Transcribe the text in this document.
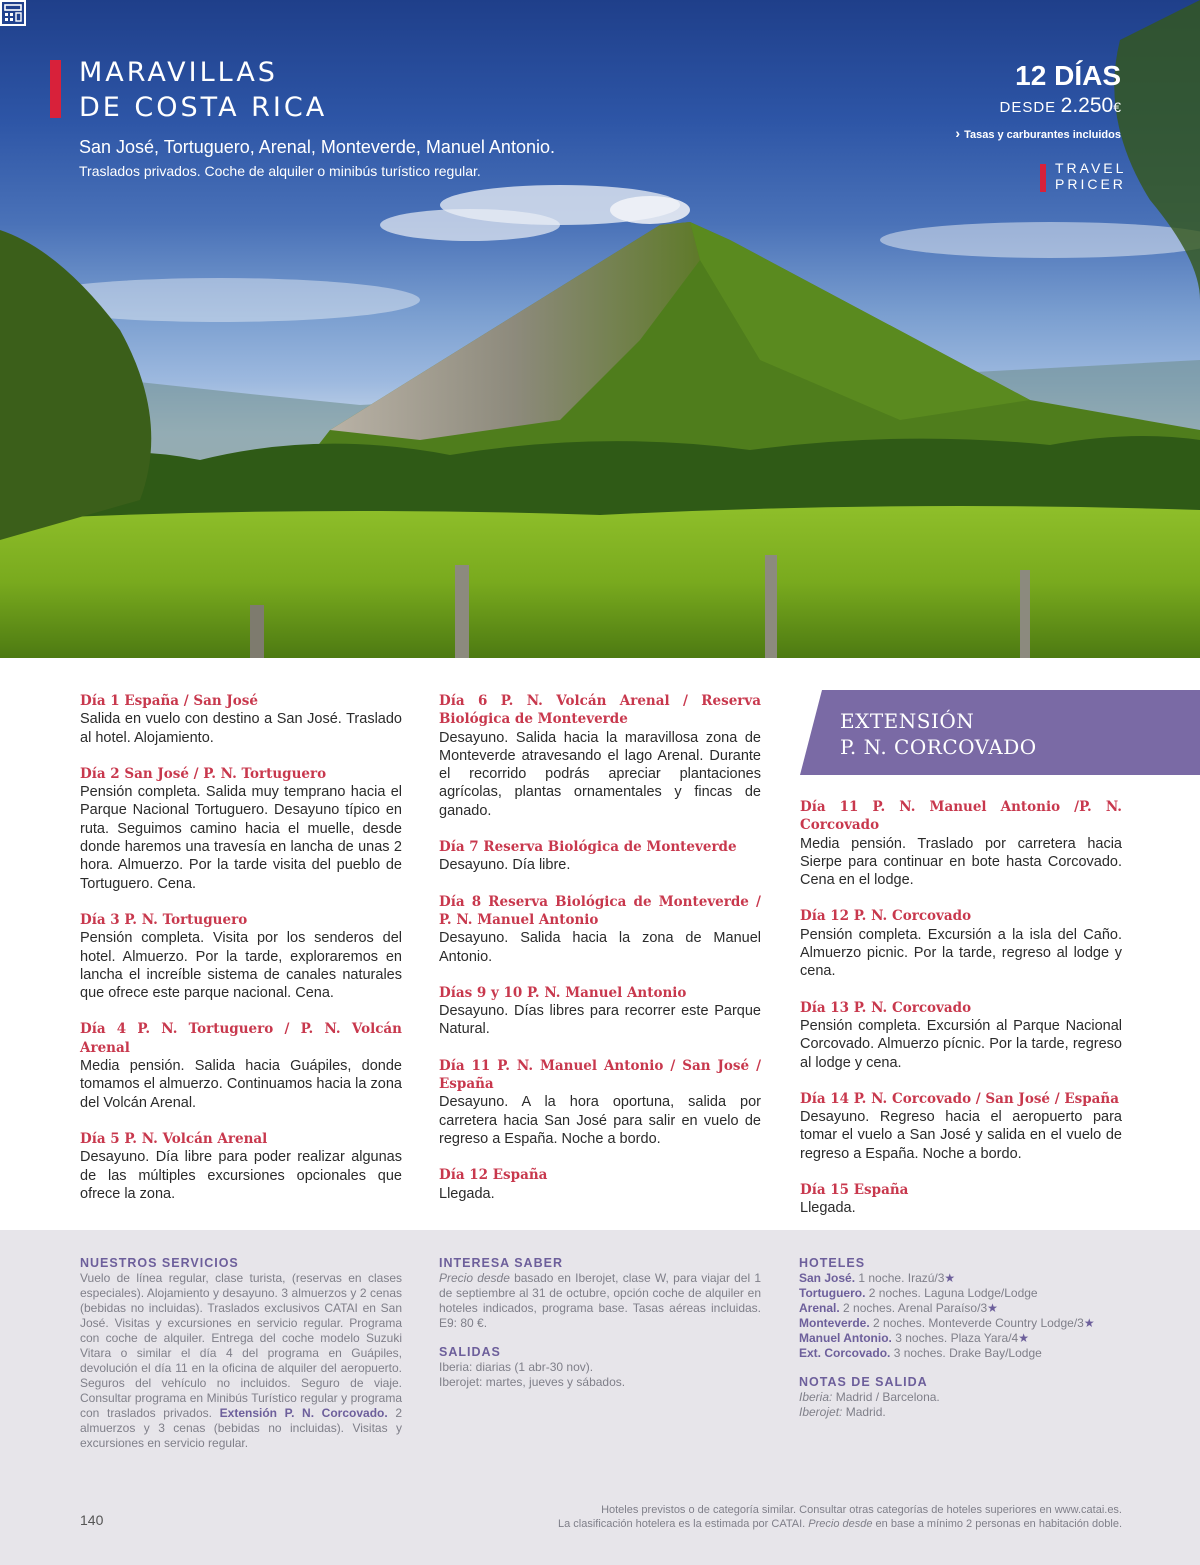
MARAVILLAS
DE COSTA RICA
San José, Tortuguero, Arenal, Monteverde, Manuel Antonio.
Traslados privados. Coche de alquiler o minibús turístico regular.
12 DÍAS
DESDE 2.250€
› Tasas y carburantes incluidos
TRAVEL
PRICER
Día 1 España / San José
Salida en vuelo con destino a San José. Traslado al hotel. Alojamiento.
Día 2 San José / P. N. Tortuguero
Pensión completa. Salida muy temprano hacia el Parque Nacional Tortuguero. Desayuno típico en ruta. Seguimos camino hacia el muelle, desde donde haremos una travesía en lancha de unas 2 hora. Almuerzo. Por la tarde visita del pueblo de Tortuguero. Cena.
Día 3 P. N. Tortuguero
Pensión completa. Visita por los senderos del hotel. Almuerzo. Por la tarde, exploraremos en lancha el increíble sistema de canales naturales que ofrece este parque nacional. Cena.
Día 4 P. N. Tortuguero / P. N. Volcán Arenal
Media pensión. Salida hacia Guápiles, donde tomamos el almuerzo. Continuamos hacia la zona del Volcán Arenal.
Día 5 P. N. Volcán Arenal
Desayuno. Día libre para poder realizar algunas de las múltiples excursiones opcionales que ofrece la zona.
Día 6 P. N. Volcán Arenal / Reserva Biológica de Monteverde
Desayuno. Salida hacia la maravillosa zona de Monteverde atravesando el lago Arenal. Durante el recorrido podrás apreciar plantaciones agrícolas, plantas ornamentales y fincas de ganado.
Día 7 Reserva Biológica de Monteverde
Desayuno. Día libre.
Día 8 Reserva Biológica de Monteverde / P. N. Manuel Antonio
Desayuno. Salida hacia la zona de Manuel Antonio.
Días 9 y 10 P. N. Manuel Antonio
Desayuno. Días libres para recorrer este Parque Natural.
Día 11 P. N. Manuel Antonio / San José / España
Desayuno. A la hora oportuna, salida por carretera hacia San José para salir en vuelo de regreso a España. Noche a bordo.
Día 12 España
Llegada.
EXTENSIÓN
P. N. CORCOVADO
Día 11 P. N. Manuel Antonio /P. N. Corcovado
Media pensión. Traslado por carretera hacia Sierpe para continuar en bote hasta Corcovado. Cena en el lodge.
Día 12 P. N. Corcovado
Pensión completa. Excursión a la isla del Caño. Almuerzo picnic. Por la tarde, regreso al lodge y cena.
Día 13 P. N. Corcovado
Pensión completa. Excursión al Parque Nacional Corcovado. Almuerzo pícnic. Por la tarde, regreso al lodge y cena.
Día 14 P. N. Corcovado / San José / España
Desayuno. Regreso hacia el aeropuerto para tomar el vuelo a San José y salida en el vuelo de regreso a España. Noche a bordo.
Día 15 España
Llegada.
NUESTROS SERVICIOS
Vuelo de línea regular, clase turista, (reservas en clases especiales). Alojamiento y desayuno. 3 almuerzos y 2 cenas (bebidas no incluidas). Traslados exclusivos CATAI en San José. Visitas y excursiones en servicio regular. Programa con coche de alquiler. Entrega del coche modelo Suzuki Vitara o similar el día 4 del programa en Guápiles, devolución el día 11 en la oficina de alquiler del aeropuerto. Seguros del vehículo no incluidos. Seguro de viaje. Consultar programa en Minibús Turístico regular y programa con traslados privados. Extensión P. N. Corcovado. 2 almuerzos y 3 cenas (bebidas no incluidas). Visitas y excursiones en servicio regular.
INTERESA SABER
Precio desde basado en Iberojet, clase W, para viajar del 1 de septiembre al 31 de octubre, opción coche de alquiler en hoteles indicados, programa base. Tasas aéreas incluidas. E9: 80 €.
SALIDAS
Iberia: diarias (1 abr-30 nov).
Iberojet: martes, jueves y sábados.
HOTELES
San José. 1 noche. Irazú/3★
Tortuguero. 2 noches. Laguna Lodge/Lodge
Arenal. 2 noches. Arenal Paraíso/3★
Monteverde. 2 noches. Monteverde Country Lodge/3★
Manuel Antonio. 3 noches. Plaza Yara/4★
Ext. Corcovado. 3 noches. Drake Bay/Lodge
NOTAS DE SALIDA
Iberia: Madrid / Barcelona.
Iberojet: Madrid.
140
Hoteles previstos o de categoría similar. Consultar otras categorías de hoteles superiores en www.catai.es.
La clasificación hotelera es la estimada por CATAI. Precio desde en base a mínimo 2 personas en habitación doble.
